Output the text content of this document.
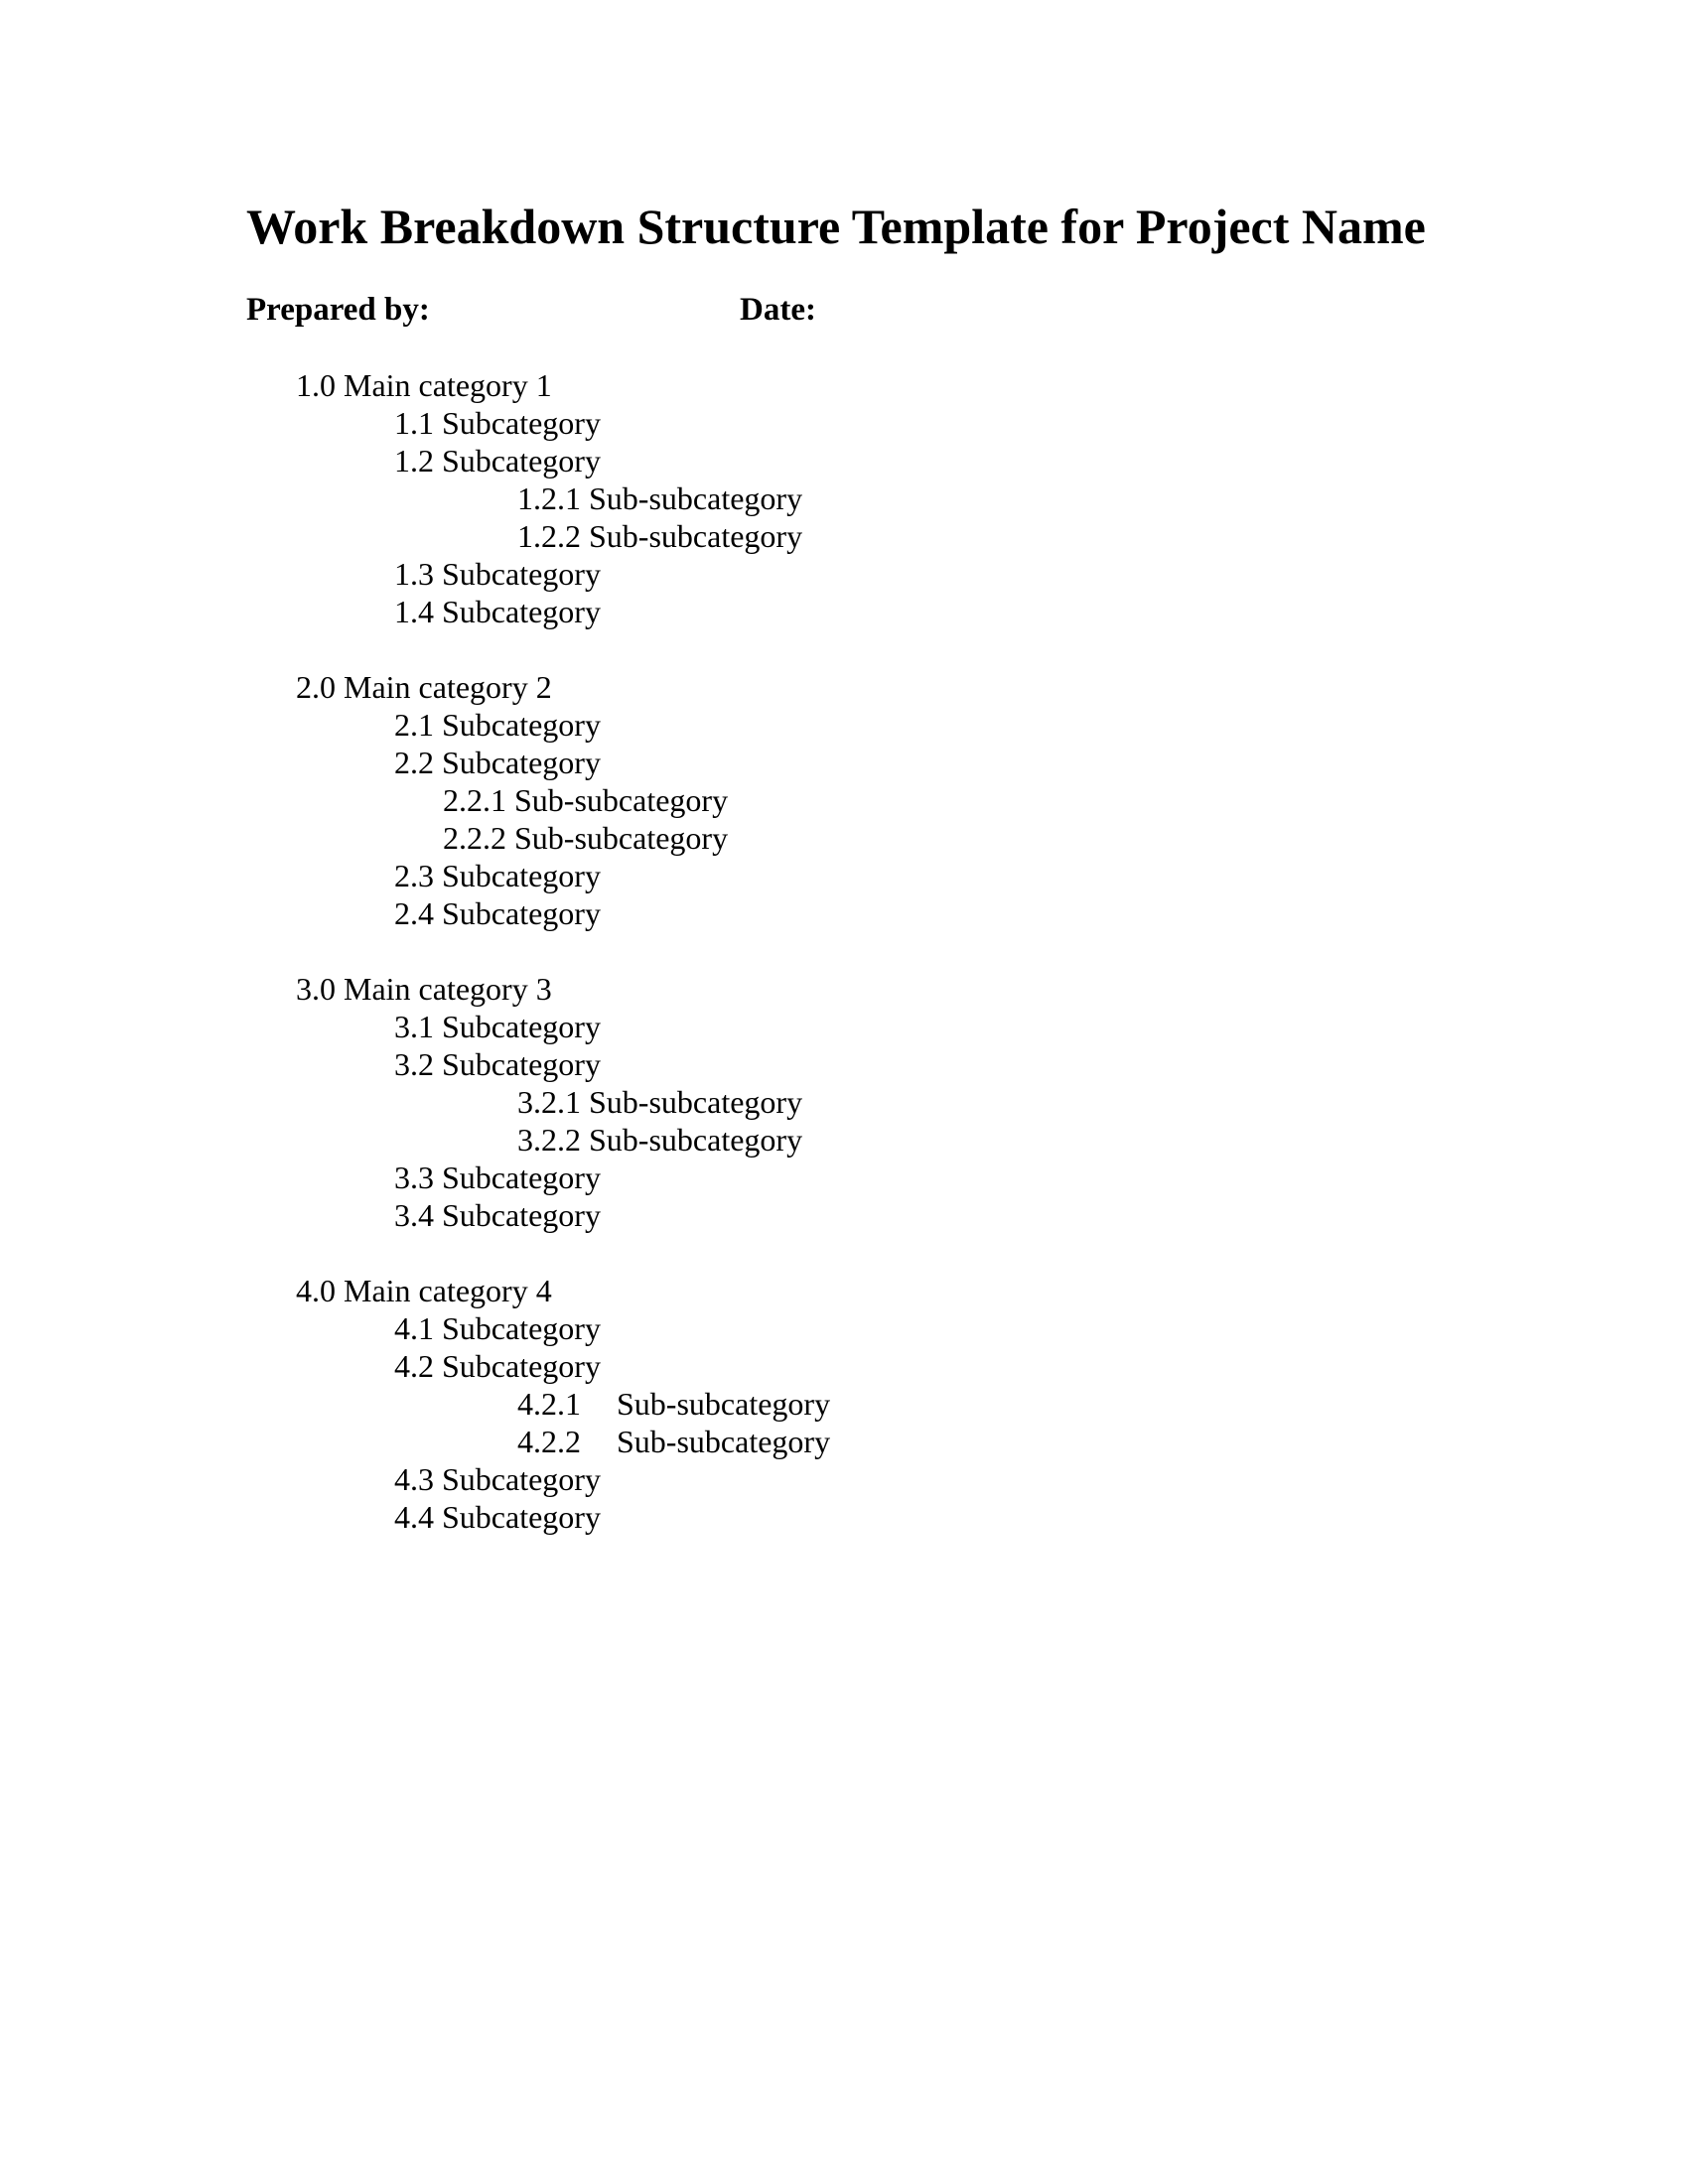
Work Breakdown Structure Template for Project Name
Prepared by:	Date:
1.0 Main category 1
1.1 Subcategory
1.2 Subcategory
1.2.1 Sub-subcategory
1.2.2 Sub-subcategory
1.3 Subcategory
1.4 Subcategory
2.0 Main category 2
2.1 Subcategory
2.2 Subcategory
2.2.1 Sub-subcategory
2.2.2 Sub-subcategory
2.3 Subcategory
2.4 Subcategory
3.0 Main category 3
3.1 Subcategory
3.2 Subcategory
3.2.1 Sub-subcategory
3.2.2 Sub-subcategory
3.3 Subcategory
3.4 Subcategory
4.0 Main category 4
4.1 Subcategory
4.2 Subcategory
4.2.1 Sub-subcategory
4.2.2 Sub-subcategory
4.3 Subcategory
4.4 Subcategory
